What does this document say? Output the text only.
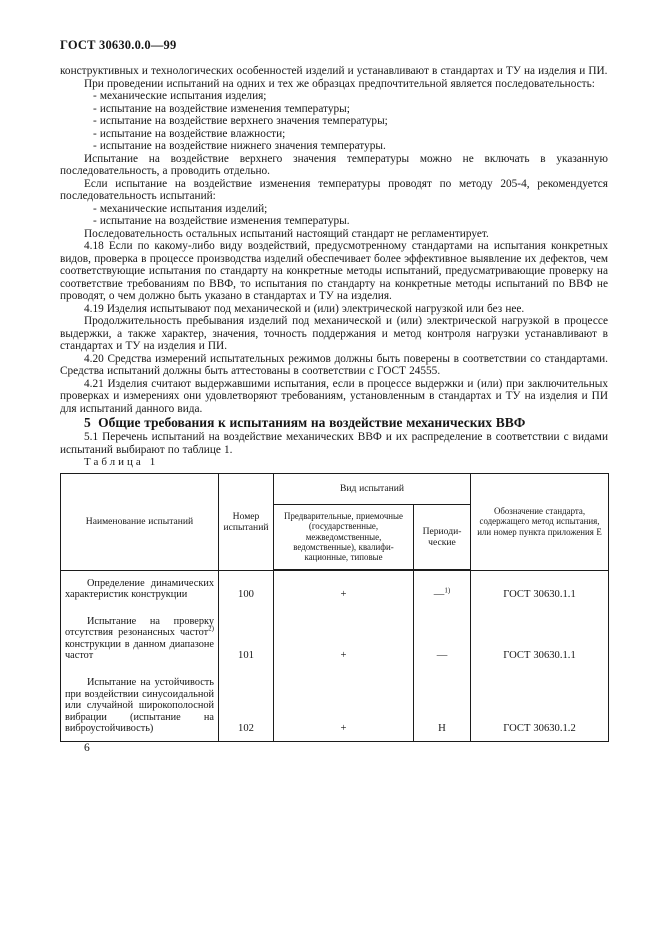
ГОСТ 30630.0.0—99

конструктивных и технологических особенностей изделий и устанавливают в стандартах и ТУ на изделия и ПИ.

При проведении испытаний на одних и тех же образцах предпочтительной является последовательность:

- механические испытания изделия;

- испытание на воздействие изменения температуры;

- испытание на воздействие верхнего значения температуры;

- испытание на воздействие влажности;

- испытание на воздействие нижнего значения температуры.

Испытание на воздействие верхнего значения температуры можно не включать в указанную последовательность, а проводить отдельно.

Если испытание на воздействие изменения температуры проводят по методу 205-4, рекомендуется последовательность испытаний:

- механические испытания изделий;

- испытание на воздействие изменения температуры.

Последовательность остальных испытаний настоящий стандарт не регламентирует.

4.18 Если по какому-либо виду воздействий, предусмотренному стандартами на испытания конкретных видов, проверка в процессе производства изделий обеспечивает более эффективное выявление их дефектов, чем соответствующие испытания по стандарту на конкретные методы испытаний, предусматривающие проверку на соответствие требованиям по ВВФ, то испытания по стандарту на конкретные методы испытаний по ВВФ не проводят, о чем должно быть указано в стандартах и ТУ на изделия.

4.19 Изделия испытывают под механической и (или) электрической нагрузкой или без нее.

Продолжительность пребывания изделий под механической и (или) электрической нагрузкой в процессе выдержки, а также характер, значения, точность поддержания и метод контроля нагрузки устанавливают в стандартах и ТУ на изделия и ПИ.

4.20 Средства измерений испытательных режимов должны быть поверены в соответствии со стандартами. Средства испытаний должны быть аттестованы в соответствии с ГОСТ 24555.

4.21 Изделия считают выдержавшими испытания, если в процессе выдержки и (или) при заключительных проверках и измерениях они удовлетворяют требованиям, установленным в стандартах и ТУ на изделия и ПИ для испытаний данного вида.

5 Общие требования к испытаниям на воздействие механических ВВФ

5.1 Перечень испытаний на воздействие механических ВВФ и их распределение в соответствии с видами испытаний выбирают по таблице 1.

Таблица 1

Наименование испытаний	Номер испытаний	Вид испытаний		Обозначение стандарта, содержащего метод испытания, или номер пункта приложения Е
		Предварительные, приемочные (государственные, межведомственные, ведомственные), квалификационные, типовые	Периодические	
Определение динамических характеристик конструкции	100	+	—$^{1)}$	ГОСТ 30630.1.1
Испытание на проверку отсутствия резонансных частот$^{2)}$ конструкции в данном диапазоне частот	101	+	—	ГОСТ 30630.1.1
Испытание на устойчивость при воздействии синусоидальной или случайной широкополосной вибрации (испытание на виброустойчивость)	102	+	Н	ГОСТ 30630.1.2

6
